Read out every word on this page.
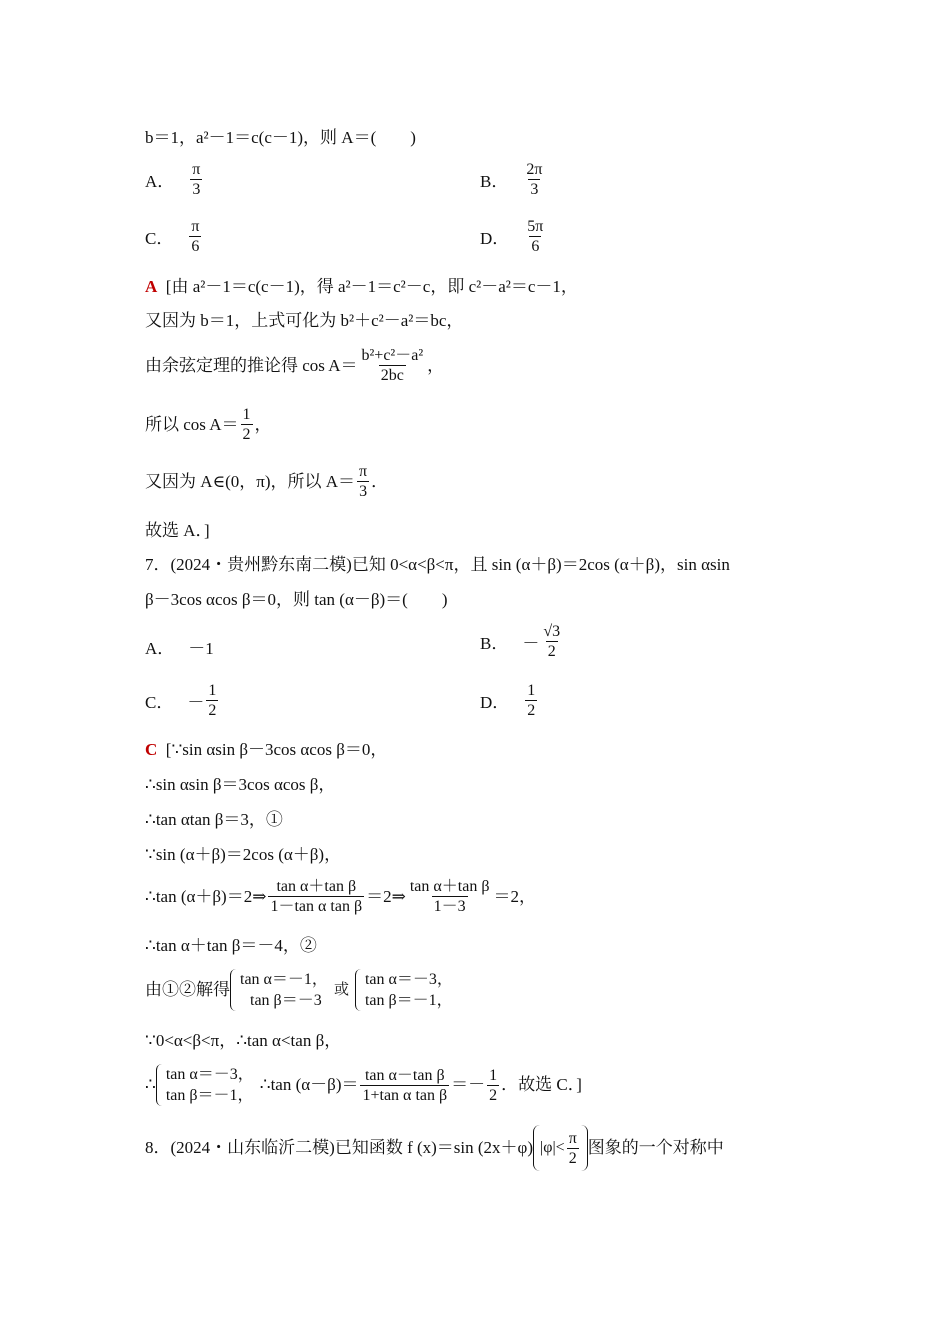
b＝1，a²－1＝c(c－1)，则 A＝(　　)
A． $\frac{\pi}{3}$	B． $\frac{2\pi}{3}$
C． $\frac{\pi}{6}$	D． $\frac{5\pi}{6}$
A [由 a²－1＝c(c－1)，得 a²－1＝c²－c，即 c²－a²＝c－1，
又因为 b＝1，上式可化为 b²＋c²－a²＝bc，
由余弦定理的推论得 $\cos A= \frac{\text{b²+c²－a²}}{2bc}$ ，
所以 $\cos A= \frac{1}{2}$ ，
又因为 A∈(0，π)，所以 $A= \frac{\pi}{3}$ ．
故选 A．]
7．(2024・贵州黔东南二模)已知 0<α<β<π，且 sin (α＋β)＝2cos (α＋β)，sin αsin
β－3cos αcos β＝0，则 tan (α－β)＝(　　)
A． －1	B． － $\frac{√3}{2}$
C． － $\frac{1}{2}$	D． $\frac{1}{2}$
C [∵sin αsin β－3cos αcos β＝0，
∴sin αsin β＝3cos αcos β，
∴tan αtan β＝3，①
∵sin (α＋β)＝2cos (α＋β)，
∴tan (α＋β)＝2⇒ $\frac{\text{tan α＋tan β}}{\text{1－tan α tan β}}$ ＝2⇒ $\frac{\text{tan α＋tan β}}{1-3} =2$，
∴tan α＋tan β＝－4，②
由①②解得
tan α＝－1，
tan β＝－3
或
tan α＝－3，
tan β＝－1，
∵0<α<β<π，∴tan α<tan β，
∴
tan α＝－3，
tan β＝－1，
∴tan $(\alpha-\beta)= \frac{\text{tan α－tan β}}{\text{1+tan α tan β}} =- \frac{1}{2}$ ．故选 C．]
8．(2024・山东临沂二模)已知函数 f (x)＝sin (2x＋φ) $|\varphi|< \frac{\pi}{2}$ 图象的一个对称中
